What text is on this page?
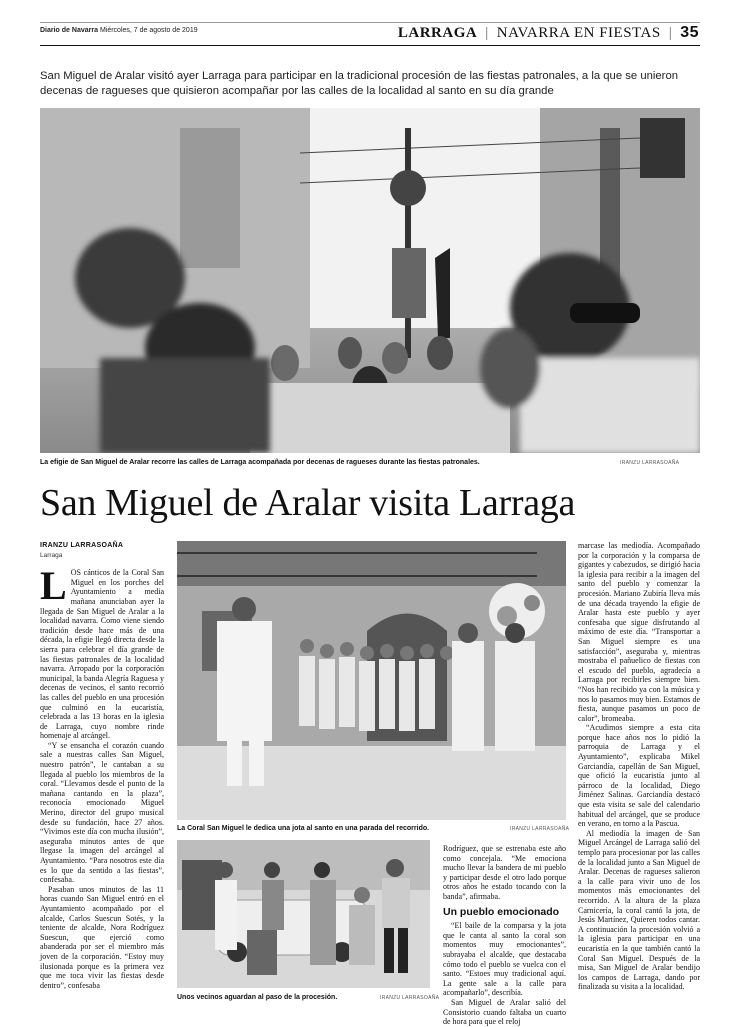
Diario de Navarra Miércoles, 7 de agosto de 2019	LARRAGA | NAVARRA EN FIESTAS | 35
San Miguel de Aralar visitó ayer Larraga para participar en la tradicional procesión de las fiestas patronales, a la que se unieron decenas de ragueses que quisieron acompañar por las calles de la localidad al santo en su día grande
La efigie de San Miguel de Aralar recorre las calles de Larraga acompañada por decenas de ragueses durante las fiestas patronales.	IRANZU LARRASOAÑA
San Miguel de Aralar visita Larraga
IRANZU LARRASOAÑA
Larraga

LOS cánticos de la Coral San Miguel en los porches del Ayuntamiento a media mañana anunciaban ayer la llegada de San Miguel de Aralar a la localidad navarra. Como viene siendo tradición desde hace más de una década, la efigie llegó directa desde la sierra para celebrar el día grande de las fiestas patronales de la localidad navarra. Arropado por la corporación municipal, la banda Alegría Raguesa y decenas de vecinos, el santo recorrió las calles del pueblo en una procesión que culminó en la eucaristía, celebrada a las 13 horas en la iglesia de Larraga, cuyo nombre rinde homenaje al arcángel.

“Y se ensancha el corazón cuando sale a nuestras calles San Miguel, nuestro patrón”, le cantaban a su llegada al pueblo los miembros de la coral. “Llevamos desde el punto de la mañana cantando en la plaza”, reconocía emocionado Miguel Merino, director del grupo musical desde su fundación, hace 27 años. “Vivimos este día con mucha ilusión”, aseguraba minutos antes de que llegase la imagen del arcángel al Ayuntamiento. “Para nosotros este día es lo que da sentido a las fiestas”, confesaba.

Pasaban unos minutos de las 11 horas cuando San Miguel entró en el Ayuntamiento acompañado por el alcalde, Carlos Suescun Sotés, y la teniente de alcalde, Nora Rodríguez Suescun, que ejerció como abanderada por ser el miembro más joven de la corporación. “Estoy muy ilusionada porque es la primera vez que me toca vivir las fiestas desde dentro”, confesaba

La Coral San Miguel le dedica una jota al santo en una parada del recorrido.	IRANZU LARRASOAÑA
Unos vecinos aguardan al paso de la procesión.	IRANZU LARRASOAÑA

Rodríguez, que se estrenaba este año como concejala. “Me emociona mucho llevar la bandera de mi pueblo y participar desde el otro lado porque otros años he estado tocando con la banda”, afirmaba.

Un pueblo emocionado

“El baile de la comparsa y la jota que le canta al santo la coral son momentos muy emocionantes”, subrayaba el alcalde, que destacaba cómo todo el pueblo se vuelca con el santo. “Estoes muy tradicional aquí. La gente sale a la calle para acompañarlo”, describía.

San Miguel de Aralar salió del Consistorio cuando faltaba un cuarto de hora para que el reloj

marcase las mediodía. Acompañado por la corporación y la comparsa de gigantes y cabezudos, se dirigió hacia la iglesia para recibir a la imagen del santo del pueblo y comenzar la procesión. Mariano Zubiría lleva más de una década trayendo la efigie de Aralar hasta este pueblo y ayer confesaba que sigue disfrutando al máximo de este día. “Transportar a San Miguel siempre es una satisfacción”, aseguraba y, mientras mostraba el pañuelico de fiestas con el escudo del pueblo, agradecía a Larraga por recibirles siempre bien. “Nos han recibido ya con la música y nos lo pasamos muy bien. Estamos de fiesta, aunque pasamos un poco de calor”, bromeaba.

“Acudimos siempre a esta cita porque hace años nos lo pidió la parroquia de Larraga y el Ayuntamiento”, explicaba Mikel Garciandía, capellán de San Miguel, que ofició la eucaristía junto al párroco de la localidad, Diego Jiménez Salinas. Garciandía destacó que esta visita se sale del calendario habitual del arcángel, que se produce en verano, en torno a la Pascua.

Al mediodía la imagen de San Miguel Arcángel de Larraga salió del templo para procesionar por las calles de la localidad junto a San Miguel de Aralar. Decenas de ragueses salieron a la calle para vivir uno de los momentos más emocionantes del recorrido. A la altura de la plaza Carnicería, la coral cantó la jota, de Jesús Martínez, Quieren todos cantar. A continuación la procesión volvió a la iglesia para participar en una eucaristía en la que también cantó la Coral San Miguel. Después de la misa, San Miguel de Aralar bendijo los campos de Larraga, dando por finalizada su visita a la localidad.
